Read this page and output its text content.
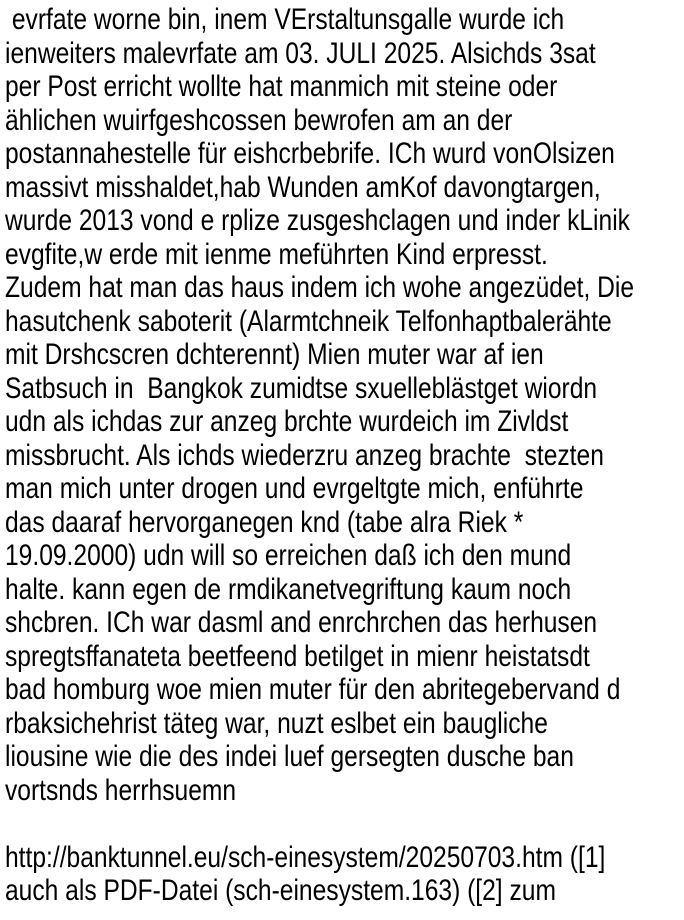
evrfate worne bin, inem VErstaltunsgalle wurde ich
ienweiters malevrfate am 03. JULI 2025. Alsichds 3sat
per Post erricht wollte hat manmich mit steine oder
ählichen wuirfgeshcossen bewrofen am an der
postannahestelle für eishcrbebrife. ICh wurd vonOlsizen
massivt misshaldet,hab Wunden amKof davongtargen,
wurde 2013 vond e rplize zusgeshclagen und inder kLinik
evgfite,w erde mit ienme meführten Kind erpresst.
Zudem hat man das haus indem ich wohe angezüdet, Die
hasutchenk saboterit (Alarmtchneik Telfonhaptbalerähte
mit Drshcscren dchterennt) Mien muter war af ien
Satbsuch in  Bangkok zumidtse sxuelleblästget wiordn
udn als ichdas zur anzeg brchte wurdeich im Zivldst
missbrucht. Als ichds wiederzru anzeg brachte  stezten
man mich unter drogen und evrgeltgte mich, enführte
das daaraf hervorganegen knd (tabe alra Riek *
19.09.2000) udn will so erreichen daß ich den mund
halte. kann egen de rmdikanetvegriftung kaum noch
shcbren. ICh war dasml and enrchrchen das herhusen
spregtsffanateta beetfeend betilget in mienr heistatsdt
bad homburg woe mien muter für den abritegebervand d
rbaksichehrist täteg war, nuzt eslbet ein baugliche
liousine wie die des indei luef gersegten dusche ban
vortsnds herrhsuemn
http://banktunnel.eu/sch-einesystem/20250703.htm ([1]
auch als PDF-Datei (sch-einesystem.163) ([2] zum
